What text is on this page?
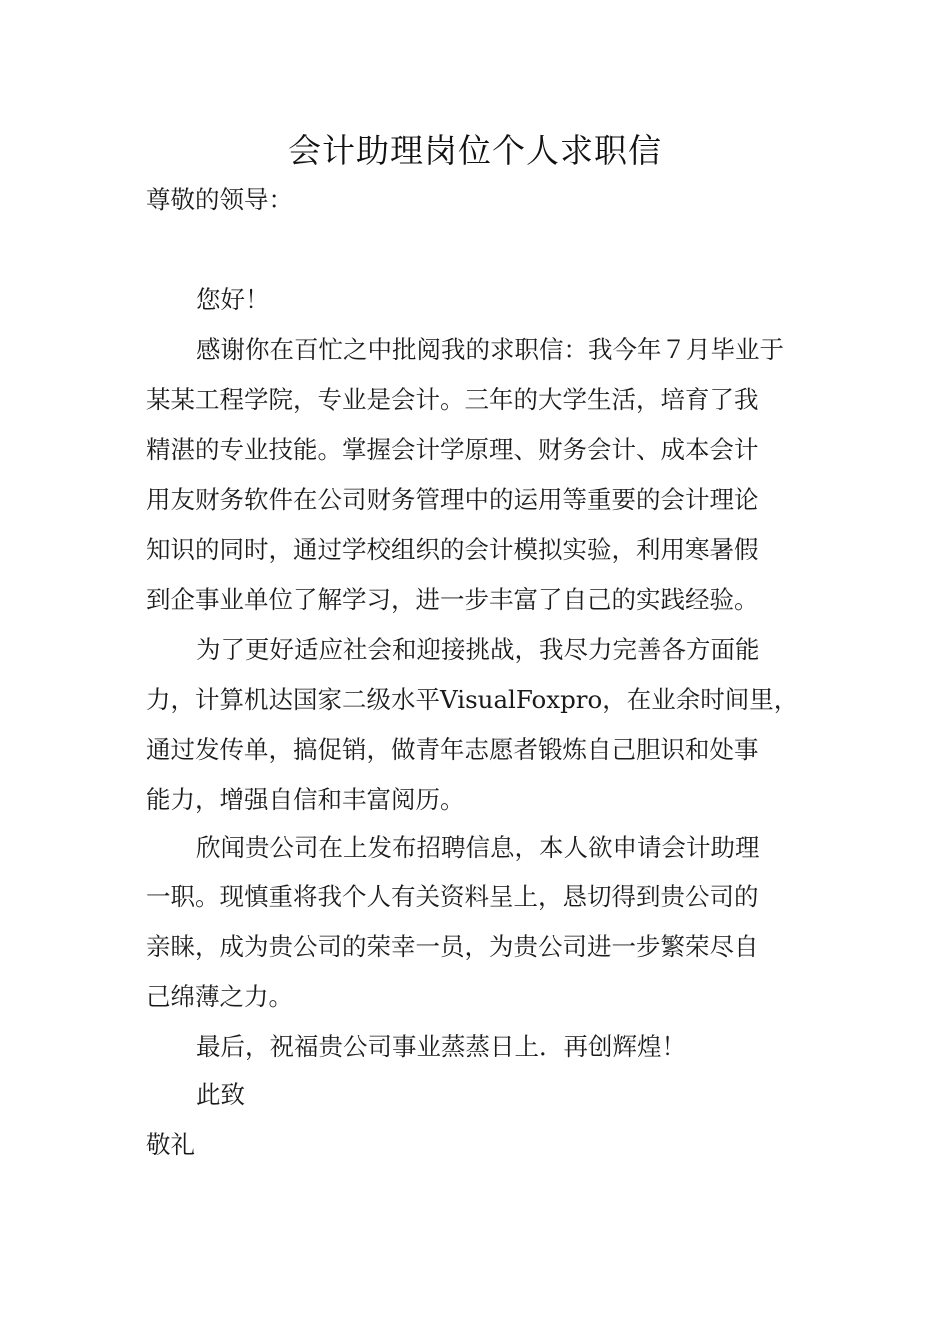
会计助理岗位个人求职信
尊敬的领导：
您好！
感谢你在百忙之中批阅我的求职信：我今年７月毕业于
某某工程学院，专业是会计。三年的大学生活，培育了我
精湛的专业技能。掌握会计学原理、财务会计、成本会计
用友财务软件在公司财务管理中的运用等重要的会计理论
知识的同时，通过学校组织的会计模拟实验，利用寒暑假
到企事业单位了解学习，进一步丰富了自己的实践经验。
为了更好适应社会和迎接挑战，我尽力完善各方面能
力，计算机达国家二级水平VisualFoxpro，在业余时间里，
通过发传单，搞促销，做青年志愿者锻炼自己胆识和处事
能力，增强自信和丰富阅历。
欣闻贵公司在上发布招聘信息，本人欲申请会计助理
一职。现慎重将我个人有关资料呈上，恳切得到贵公司的
亲睐，成为贵公司的荣幸一员，为贵公司进一步繁荣尽自
己绵薄之力。
最后，祝福贵公司事业蒸蒸日上．再创辉煌！
此致
敬礼
